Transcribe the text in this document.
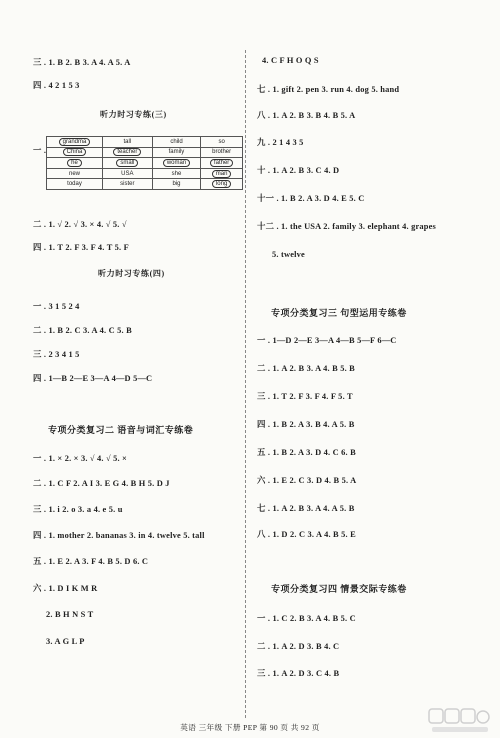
三 . 1. B 2. B 3. A 4. A 5. A
四 . 4 2 1 5 3
听力时习专练(三)
一 .
grandma	tall	child	so
China	teacher	family	brother
he	small	woman	father
new	USA	she	man
today	sister	big	long
二 . 1. √ 2. √ 3. × 4. √ 5. √
四 . 1. T 2. F 3. F 4. T 5. F
听力时习专练(四)
一 . 3 1 5 2 4
二 . 1. B 2. C 3. A 4. C 5. B
三 . 2 3 4 1 5
四 . 1—B 2—E 3—A 4—D 5—C
专项分类复习二 语音与词汇专练卷
一 . 1. × 2. × 3. √ 4. √ 5. ×
二 . 1. C F 2. A I 3. E G 4. B H 5. D J
三 . 1. i 2. o 3. a 4. e 5. u
四 . 1. mother 2. bananas 3. in 4. twelve 5. tall
五 . 1. E 2. A 3. F 4. B 5. D 6. C
六 . 1. D I K M R
2. B H N S T
3. A G L P
4. C F H O Q S
七 . 1. gift 2. pen 3. run 4. dog 5. hand
八 . 1. A 2. B 3. B 4. B 5. A
九 . 2 1 4 3 5
十 . 1. A 2. B 3. C 4. D
十一 . 1. B 2. A 3. D 4. E 5. C
十二 . 1. the USA 2. family 3. elephant 4. grapes
5. twelve
专项分类复习三 句型运用专练卷
一 . 1—D 2—E 3—A 4—B 5—F 6—C
二 . 1. A 2. B 3. A 4. B 5. B
三 . 1. T 2. F 3. F 4. F 5. T
四 . 1. B 2. A 3. B 4. A 5. B
五 . 1. B 2. A 3. D 4. C 6. B
六 . 1. E 2. C 3. D 4. B 5. A
七 . 1. A 2. B 3. A 4. A 5. B
八 . 1. D 2. C 3. A 4. B 5. E
专项分类复习四 情景交际专练卷
一 . 1. C 2. B 3. A 4. B 5. C
二 . 1. A 2. D 3. B 4. C
三 . 1. A 2. D 3. C 4. B
英语 三年级 下册 PEP 第 90 页 共 92 页
